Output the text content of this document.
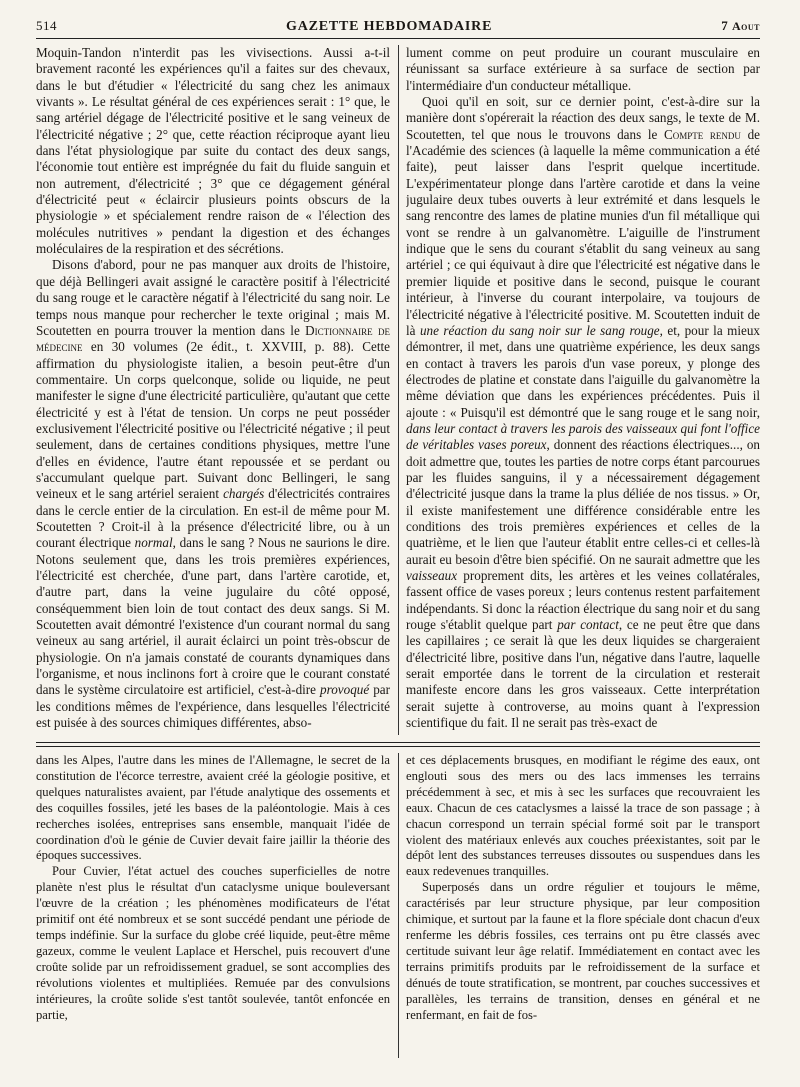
514	GAZETTE HEBDOMADAIRE	7 Aout

Moquin-Tandon n'interdit pas les vivisections. Aussi a-t-il bravement raconté les expériences qu'il a faites sur des chevaux, dans le but d'étudier « l'électricité du sang chez les animaux vivants ». Le résultat général de ces expériences serait : 1° que, le sang artériel dégage de l'électricité positive et le sang veineux de l'électricité négative ; 2° que, cette réaction réciproque ayant lieu dans l'état physiologique par suite du contact des deux sangs, l'économie tout entière est imprégnée du fait du fluide sanguin et non autrement, d'électricité ; 3° que ce dégagement général d'électricité peut « éclaircir plusieurs points obscurs de la physiologie » et spécialement rendre raison de « l'élection des molécules nutritives » pendant la digestion et des échanges moléculaires de la respiration et des sécrétions.

Disons d'abord, pour ne pas manquer aux droits de l'histoire, que déjà Bellingeri avait assigné le caractère positif à l'électricité du sang rouge et le caractère négatif à l'électricité du sang noir. Le temps nous manque pour rechercher le texte original ; mais M. Scoutetten en pourra trouver la mention dans le Dictionnaire de médecine en 30 volumes (2e édit., t. XXVIII, p. 88). Cette affirmation du physiologiste italien, a besoin peut-être d'un commentaire. Un corps quelconque, solide ou liquide, ne peut manifester le signe d'une électricité particulière, qu'autant que cette électricité y est à l'état de tension. Un corps ne peut posséder exclusivement l'électricité positive ou l'électricité négative ; il peut seulement, dans de certaines conditions physiques, mettre l'une d'elles en évidence, l'autre étant repoussée et se perdant ou s'accumulant quelque part. Suivant donc Bellingeri, le sang veineux et le sang artériel seraient chargés d'électricités contraires dans le cercle entier de la circulation. En est-il de même pour M. Scoutetten ? Croit-il à la présence d'électricité libre, ou à un courant électrique normal, dans le sang ? Nous ne saurions le dire. Notons seulement que, dans les trois premières expériences, l'électricité est cherchée, d'une part, dans l'artère carotide, et, d'autre part, dans la veine jugulaire du côté opposé, conséquemment bien loin de tout contact des deux sangs. Si M. Scoutetten avait démontré l'existence d'un courant normal du sang veineux au sang artériel, il aurait éclairci un point très-obscur de physiologie. On n'a jamais constaté de courants dynamiques dans l'organisme, et nous inclinons fort à croire que le courant constaté dans le système circulatoire est artificiel, c'est-à-dire provoqué par les conditions mêmes de l'expérience, dans lesquelles l'électricité est puisée à des sources chimiques différentes, abso-

lument comme on peut produire un courant musculaire en réunissant sa surface extérieure à sa surface de section par l'intermédiaire d'un conducteur métallique.

Quoi qu'il en soit, sur ce dernier point, c'est-à-dire sur la manière dont s'opérerait la réaction des deux sangs, le texte de M. Scoutetten, tel que nous le trouvons dans le Compte rendu de l'Académie des sciences (à laquelle la même communication a été faite), peut laisser dans l'esprit quelque incertitude. L'expérimentateur plonge dans l'artère carotide et dans la veine jugulaire deux tubes ouverts à leur extrémité et dans lesquels le sang rencontre des lames de platine munies d'un fil métallique qui vont se rendre à un galvanomètre. L'aiguille de l'instrument indique que le sens du courant s'établit du sang veineux au sang artériel ; ce qui équivaut à dire que l'électricité est négative dans le premier liquide et positive dans le second, puisque le courant intérieur, à l'inverse du courant interpolaire, va toujours de l'électricité négative à l'électricité positive. M. Scoutetten induit de là une réaction du sang noir sur le sang rouge, et, pour la mieux démontrer, il met, dans une quatrième expérience, les deux sangs en contact à travers les parois d'un vase poreux, y plonge des électrodes de platine et constate dans l'aiguille du galvanomètre la même déviation que dans les expériences précédentes. Puis il ajoute : « Puisqu'il est démontré que le sang rouge et le sang noir, dans leur contact à travers les parois des vaisseaux qui font l'office de véritables vases poreux, donnent des réactions électriques..., on doit admettre que, toutes les parties de notre corps étant parcourues par les fluides sanguins, il y a nécessairement dégagement d'électricité jusque dans la trame la plus déliée de nos tissus. » Or, il existe manifestement une différence considérable entre les conditions des trois premières expériences et celles de la quatrième, et le lien que l'auteur établit entre celles-ci et celles-là aurait eu besoin d'être bien spécifié. On ne saurait admettre que les vaisseaux proprement dits, les artères et les veines collatérales, fassent office de vases poreux ; leurs contenus restent parfaitement indépendants. Si donc la réaction électrique du sang noir et du sang rouge s'établit quelque part par contact, ce ne peut être que dans les capillaires ; ce serait là que les deux liquides se chargeraient d'électricité libre, positive dans l'un, négative dans l'autre, laquelle serait emportée dans le torrent de la circulation et resterait manifeste encore dans les gros vaisseaux. Cette interprétation serait sujette à controverse, au moins quant à l'expression scientifique du fait. Il ne serait pas très-exact de

dans les Alpes, l'autre dans les mines de l'Allemagne, le secret de la constitution de l'écorce terrestre, avaient créé la géologie positive, et quelques naturalistes avaient, par l'étude analytique des ossements et des coquilles fossiles, jeté les bases de la paléontologie. Mais à ces recherches isolées, entreprises sans ensemble, manquait l'idée de coordination d'où le génie de Cuvier devait faire jaillir la théorie des époques successives.

Pour Cuvier, l'état actuel des couches superficielles de notre planète n'est plus le résultat d'un cataclysme unique bouleversant l'œuvre de la création ; les phénomènes modificateurs de l'état primitif ont été nombreux et se sont succédé pendant une période de temps indéfinie. Sur la surface du globe créé liquide, peut-être même gazeux, comme le veulent Laplace et Herschel, puis recouvert d'une croûte solide par un refroidissement graduel, se sont accomplies des révolutions violentes et multipliées. Remuée par des convulsions intérieures, la croûte solide s'est tantôt soulevée, tantôt enfoncée en partie,

et ces déplacements brusques, en modifiant le régime des eaux, ont englouti sous des mers ou des lacs immenses les terrains précédemment à sec, et mis à sec les surfaces que recouvraient les eaux. Chacun de ces cataclysmes a laissé la trace de son passage ; à chacun correspond un terrain spécial formé soit par le transport violent des matériaux enlevés aux couches préexistantes, soit par le dépôt lent des substances terreuses dissoutes ou suspendues dans les eaux redevenues tranquilles.

Superposés dans un ordre régulier et toujours le même, caractérisés par leur structure physique, par leur composition chimique, et surtout par la faune et la flore spéciale dont chacun d'eux renferme les débris fossiles, ces terrains ont pu être classés avec certitude suivant leur âge relatif. Immédiatement en contact avec les terrains primitifs produits par le refroidissement de la surface et dénués de toute stratification, se montrent, par couches successives et parallèles, les terrains de transition, denses en général et ne renfermant, en fait de fos-
